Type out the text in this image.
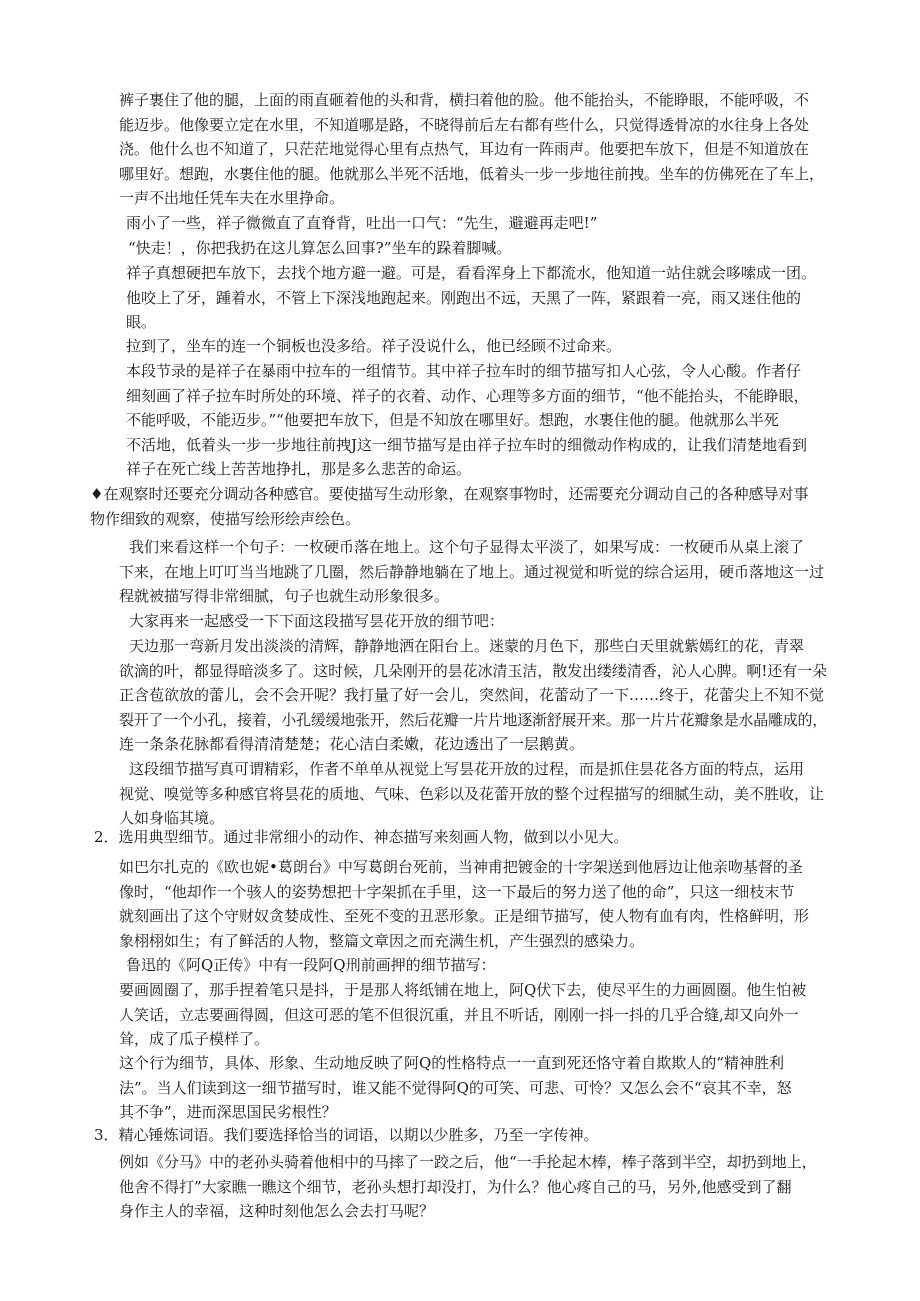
裤子裹住了他的腿，上面的雨直砸着他的头和背，横扫着他的脸。他不能抬头，不能睁眼，不能呼吸，不
能迈步。他像要立定在水里，不知道哪是路，不晓得前后左右都有些什么，只觉得透骨凉的水往身上各处
浇。他什么也不知道了，只茫茫地觉得心里有点热气，耳边有一阵雨声。他要把车放下，但是不知道放在
哪里好。想跑，水裹住他的腿。他就那么半死不活地，低着头一步一步地往前拽。坐车的仿佛死在了车上，
一声不出地任凭车夫在水里挣命。
雨小了一些，祥子微微直了直脊背，吐出一口气：“先生，避避再走吧!”
“快走！，你把我扔在这儿算怎么回事?”坐车的跺着脚喊。
祥子真想硬把车放下，去找个地方避一避。可是，看看浑身上下都流水，他知道一站住就会哆嗦成一团。
他咬上了牙，踵着水，不管上下深浅地跑起来。刚跑出不远，天黑了一阵，紧跟着一亮，雨又迷住他的
眼。
拉到了，坐车的连一个铜板也没多给。祥子没说什么，他已经顾不过命来。
本段节录的是祥子在暴雨中拉车的一组情节。其中祥子拉车时的细节描写扣人心弦，令人心酸。作者仔
细刻画了祥子拉车时所处的环境、祥子的衣着、动作、心理等多方面的细节，“他不能抬头，不能睁眼，
不能呼吸，不能迈步。”“他要把车放下，但是不知放在哪里好。想跑，水裹住他的腿。他就那么半死
不活地，低着头一步一步地往前拽J这一细节描写是由祥子拉车时的细微动作构成的，让我们清楚地看到
祥子在死亡线上苦苦地挣扎，那是多么悲苦的命运。
♦在观察时还要充分调动各种感官。要使描写生动形象，在观察事物时，还需要充分调动自己的各种感导对事
物作细致的观察，使描写绘形绘声绘色。
我们来看这样一个句子：一枚硬币落在地上。这个句子显得太平淡了，如果写成：一枚硬币从桌上滚了
下来，在地上叮叮当当地跳了几圈，然后静静地躺在了地上。通过视觉和听觉的综合运用，硬币落地这一过
程就被描写得非常细腻，句子也就生动形象很多。
大家再来一起感受一下下面这段描写昙花开放的细节吧：
天边那一弯新月发出淡淡的清辉，静静地洒在阳台上。迷蒙的月色下，那些白天里就紫嫣红的花，青翠
欲滴的叶，都显得暗淡多了。这时候，几朵刚开的昙花冰清玉洁，散发出缕缕清香，沁人心脾。啊!还有一朵
正含苞欲放的蕾儿，会不会开呢？我打量了好一会儿，突然间，花蕾动了一下……终于，花蕾尖上不知不觉
裂开了一个小孔，接着，小孔缓缓地张开，然后花瓣一片片地逐渐舒展开来。那一片片花瓣象是水晶雕成的，
连一条条花脉都看得清清楚楚；花心洁白柔嫩，花边透出了一层鹅黄。
这段细节描写真可谓精彩，作者不单单从视觉上写昙花开放的过程，而是抓住昙花各方面的特点，运用
视觉、嗅觉等多种感官将昙花的质地、气味、色彩以及花蕾开放的整个过程描写的细腻生动，美不胜收，让
人如身临其境。
2．选用典型细节。通过非常细小的动作、神态描写来刻画人物，做到以小见大。
如巴尔扎克的《欧也妮•葛朗台》中写葛朗台死前，当神甫把镀金的十字架送到他唇边让他亲吻基督的圣
像时，“他却作一个骇人的姿势想把十字架抓在手里，这一下最后的努力送了他的命”，只这一细枝末节
就刻画出了这个守财奴贪婪成性、至死不变的丑恶形象。正是细节描写，使人物有血有肉，性格鲜明，形
象栩栩如生；有了鲜活的人物，整篇文章因之而充满生机，产生强烈的感染力。
鲁迅的《阿Q正传》中有一段阿Q刑前画押的细节描写：
要画圆圈了，那手捏着笔只是抖，于是那人将纸铺在地上，阿Q伏下去，使尽平生的力画圆圈。他生怕被
人笑话，立志要画得圆，但这可恶的笔不但很沉重，并且不听话，刚刚一抖一抖的几乎合缝,却又向外一
耸，成了瓜子模样了。
这个行为细节，具体、形象、生动地反映了阿Q的性格特点一一直到死还恪守着自欺欺人的“精神胜利
法”。当人们读到这一细节描写时，谁又能不觉得阿Q的可笑、可悲、可怜？又怎么会不“哀其不幸，怒
其不争”，进而深思国民劣根性？
3．精心锤炼词语。我们要选择恰当的词语，以期以少胜多，乃至一字传神。
例如《分马》中的老孙头骑着他相中的马摔了一跤之后，他“一手抡起木棒，棒子落到半空，却扔到地上，
他舍不得打”大家瞧一瞧这个细节，老孙头想打却没打，为什么？他心疼自己的马，另外,他感受到了翻
身作主人的幸福，这种时刻他怎么会去打马呢？
